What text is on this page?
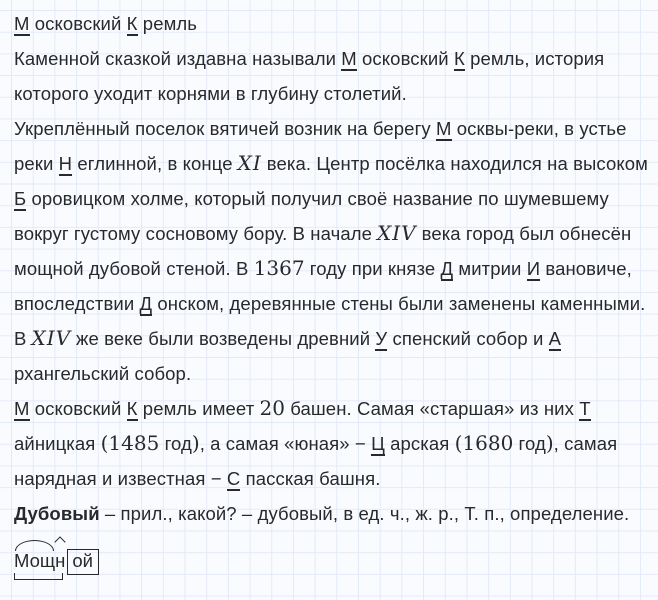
М осковский К ремль
Каменной сказкой издавна называли М осковский К ремль, история
которого уходит корнями в глубину столетий.
Укреплённый поселок вятичей возник на берегу М осквы-реки, в устье
реки Н еглинной, в конце XI века. Центр посёлка находился на высоком
Б оровицком холме, который получил своё название по шумевшему
вокруг густому сосновому бору. В начале XIV века город был обнесён
мощной дубовой стеной. В 1367 году при князе Д митрии И вановиче,
впоследствии Д онском, деревянные стены были заменены каменными.
В XIV же веке были возведены древний У спенский собор и А
рхангельский собор.
М осковский К ремль имеет 20 башен. Самая «старшая» из них Т
айницкая (1485 год), а самая «юная» − Ц арская (1680 год), самая
нарядная и известная − С пасская башня.
Дубовый – прил., какой? – дубовый, в ед. ч., ж. р., Т. п., определение.
Мощ
н ой
